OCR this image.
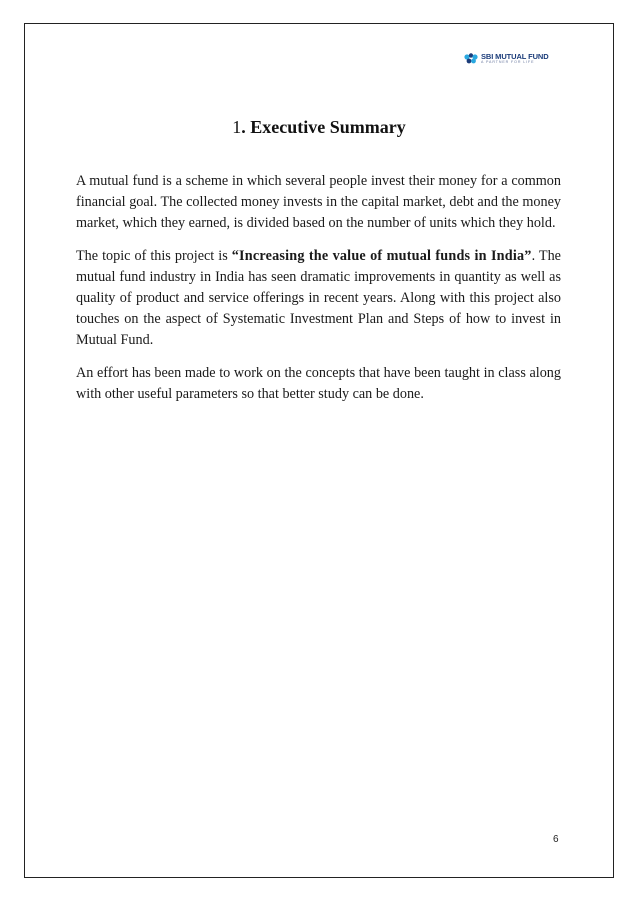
SBI MUTUAL FUND
A PARTNER FOR LIFE
1. Executive Summary

A mutual fund is a scheme in which several people invest their money for a common financial goal. The collected money invests in the capital market, debt and the money market, which they earned, is divided based on the number of units which they hold.

The topic of this project is “Increasing the value of mutual funds in India”. The mutual fund industry in India has seen dramatic improvements in quantity as well as quality of product and service offerings in recent years. Along with this project also touches on the aspect of Systematic Investment Plan and Steps of how to invest in Mutual Fund.

An effort has been made to work on the concepts that have been taught in class along with other useful parameters so that better study can be done.

6
